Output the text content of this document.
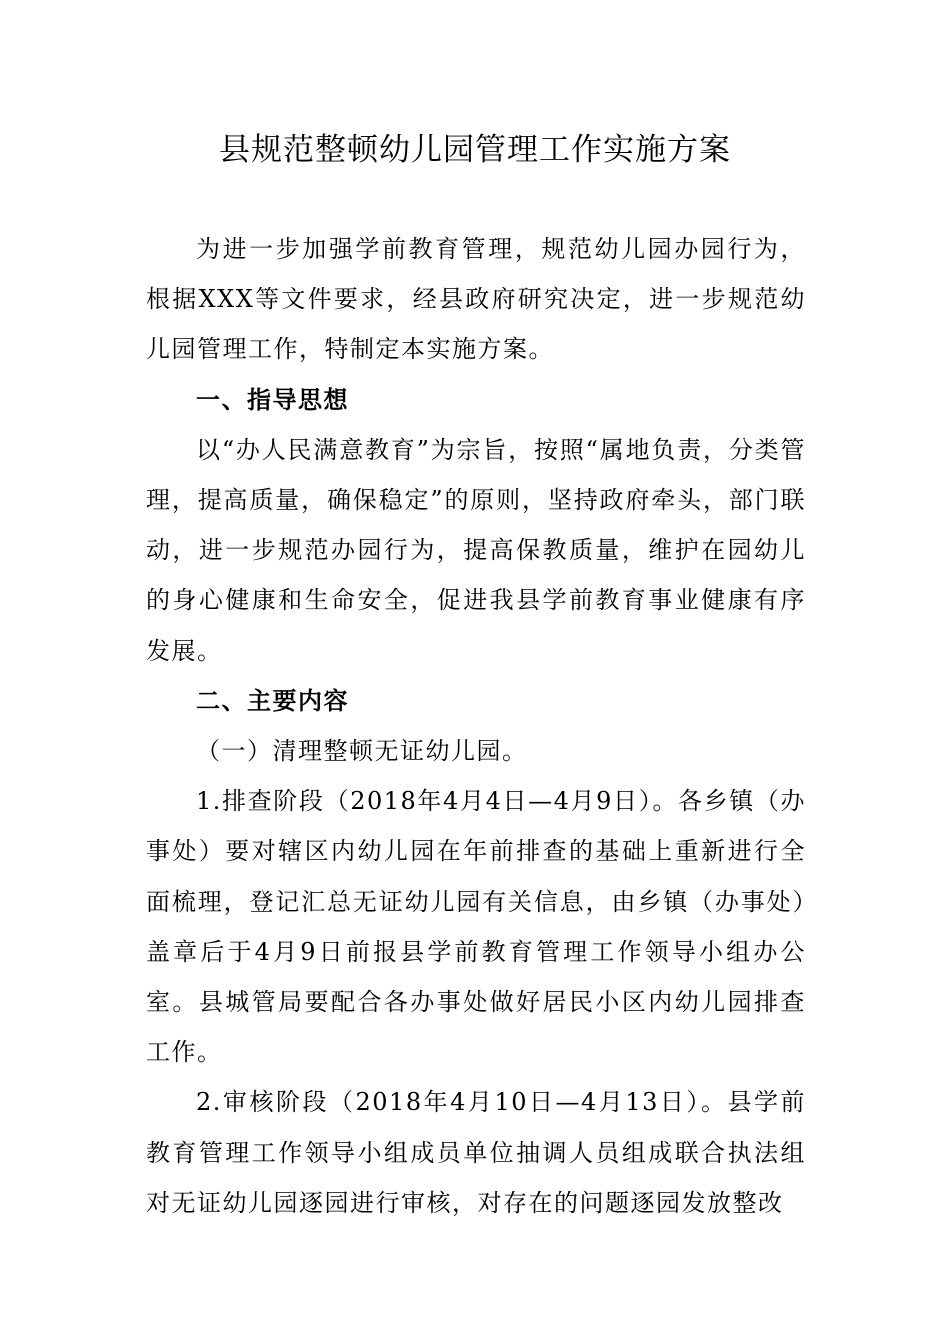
县规范整顿幼儿园管理工作实施方案

为进一步加强学前教育管理，规范幼儿园办园行为，根据XXX等文件要求，经县政府研究决定，进一步规范幼儿园管理工作，特制定本实施方案。

一、指导思想

以“办人民满意教育”为宗旨，按照“属地负责，分类管理，提高质量，确保稳定”的原则，坚持政府牵头，部门联动，进一步规范办园行为，提高保教质量，维护在园幼儿的身心健康和生命安全，促进我县学前教育事业健康有序发展。

二、主要内容

（一）清理整顿无证幼儿园。

1.排查阶段（2018年4月4日—4月9日）。各乡镇（办事处）要对辖区内幼儿园在年前排查的基础上重新进行全面梳理，登记汇总无证幼儿园有关信息，由乡镇（办事处）盖章后于4月9日前报县学前教育管理工作领导小组办公室。县城管局要配合各办事处做好居民小区内幼儿园排查工作。

2.审核阶段（2018年4月10日—4月13日）。县学前教育管理工作领导小组成员单位抽调人员组成联合执法组对无证幼儿园逐园进行审核，对存在的问题逐园发放整改
